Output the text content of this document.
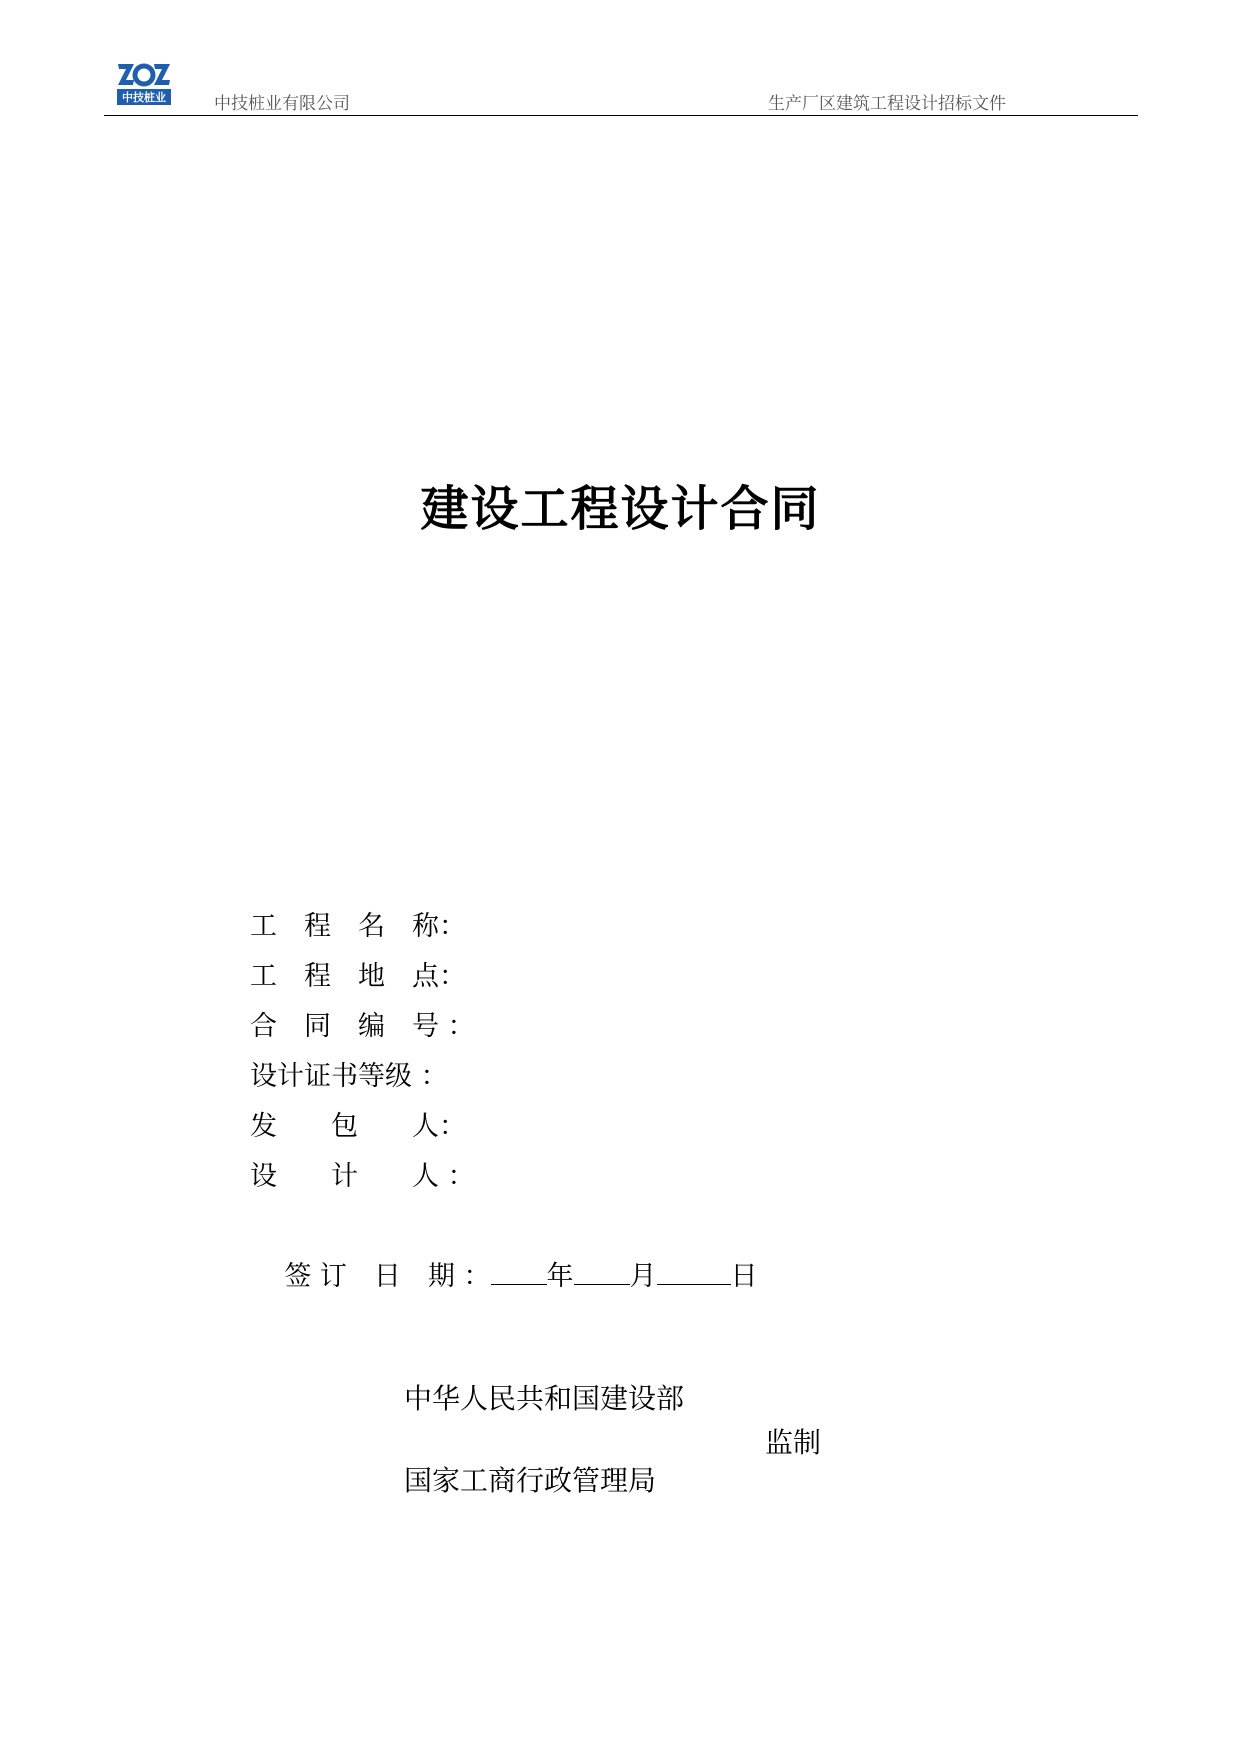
中技桩业	中技桩业有限公司	生产厂区建筑工程设计招标文件
建设工程设计合同
工　程　名　称：
工　程　地　点：
合　同　编　号 ：
设计证书等级 ：
发　　包　　人：
设　　计　　人 ：

签 订　日　期 ： 年 月	日

中华人民共和国建设部
监制
国家工商行政管理局
